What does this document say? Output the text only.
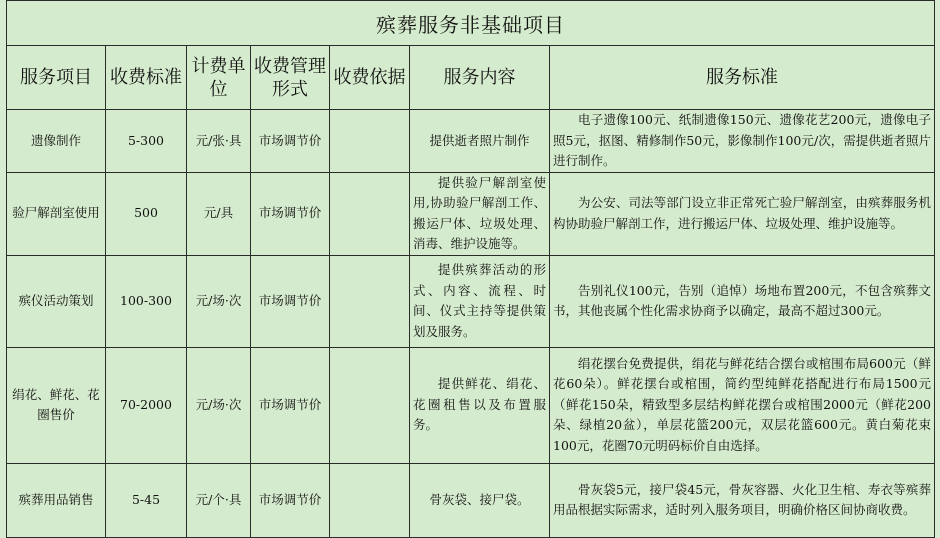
殡葬服务非基础项目						
服务项目	收费标准	计费单位	收费管理形式	收费依据	服务内容	服务标准
遗像制作	5-300	元/张·具	市场调节价		提供逝者照片制作	电子遗像100元、纸制遗像150元、遗像花艺200元，遗像电子照5元，抠图、精修制作50元，影像制作100元/次，需提供逝者照片进行制作。
验尸解剖室使用	500	元/具	市场调节价		提供验尸解剖室使用,协助验尸解剖工作、搬运尸体、垃圾处理、消毒、维护设施等。	为公安、司法等部门设立非正常死亡验尸解剖室，由殡葬服务机构协助验尸解剖工作，进行搬运尸体、垃圾处理、维护设施等。
殡仪活动策划	100-300	元/场·次	市场调节价		提供殡葬活动的形式、内容、流程、时间、仪式主持等提供策划及服务。	告别礼仪100元，告别（追悼）场地布置200元，不包含殡葬文书，其他丧属个性化需求协商予以确定，最高不超过300元。
绢花、鲜花、花圈售价	70-2000	元/场·次	市场调节价		提供鲜花、绢花、花圈租售以及布置服务。	绢花摆台免费提供，绢花与鲜花结合摆台或棺围布局600元（鲜花60朵）。鲜花摆台或棺围，简约型纯鲜花搭配进行布局1500元（鲜花150朵，精致型多层结构鲜花摆台或棺围2000元（鲜花200朵、绿植20盆），单层花篮200元，双层花篮600元。黄白菊花束100元，花圈70元明码标价自由选择。
殡葬用品销售	5-45	元/个·具	市场调节价		骨灰袋、接尸袋。	骨灰袋5元，接尸袋45元，骨灰容器、火化卫生棺、寿衣等殡葬用品根据实际需求，适时列入服务项目，明确价格区间协商收费。
